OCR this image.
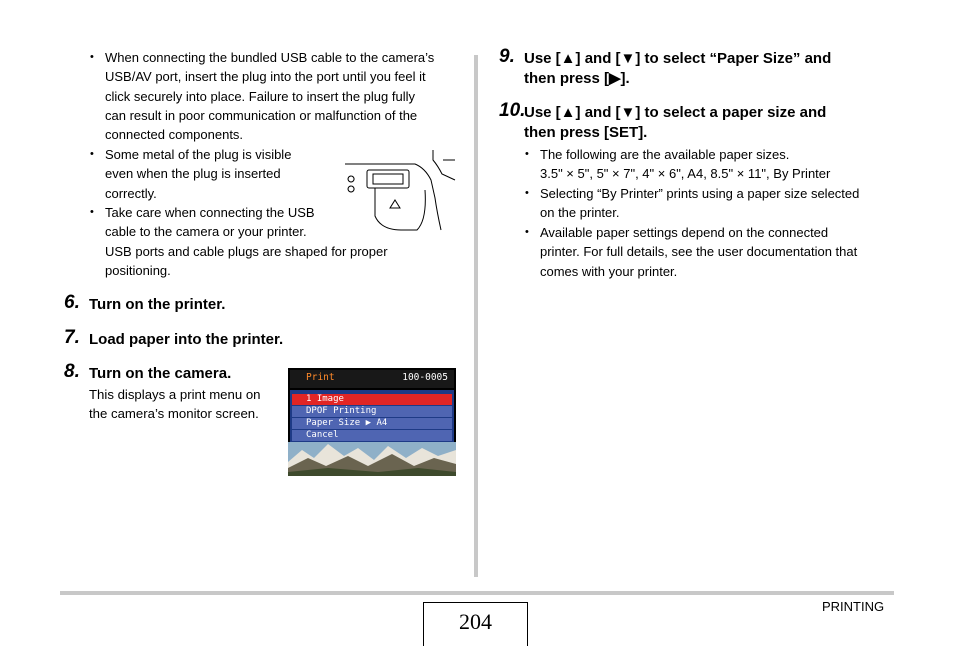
• When connecting the bundled USB cable to the camera’s
USB/AV port, insert the plug into the port until you feel it
click securely into place. Failure to insert the plug fully
can result in poor communication or malfunction of the
connected components.
• Some metal of the plug is visible
even when the plug is inserted
correctly.
• Take care when connecting the USB
cable to the camera or your printer.
USB ports and cable plugs are shaped for proper
positioning.
6. Turn on the printer.
7. Load paper into the printer.
8. Turn on the camera.
This displays a print menu on
the camera’s monitor screen.
Print	100-0005
1 Image
DPOF Printing
Paper Size ▶ A4
Cancel
9. Use [▲] and [▼] to select “Paper Size” and
then press [▶].
10.
Use [▲] and [▼] to select a paper size and
then press [SET].
• The following are the available paper sizes.
3.5" × 5", 5" × 7", 4" × 6", A4, 8.5" × 11", By Printer
• Selecting “By Printer” prints using a paper size selected
on the printer.
• Available paper settings depend on the connected
printer. For full details, see the user documentation that
comes with your printer.
204
PRINTING
